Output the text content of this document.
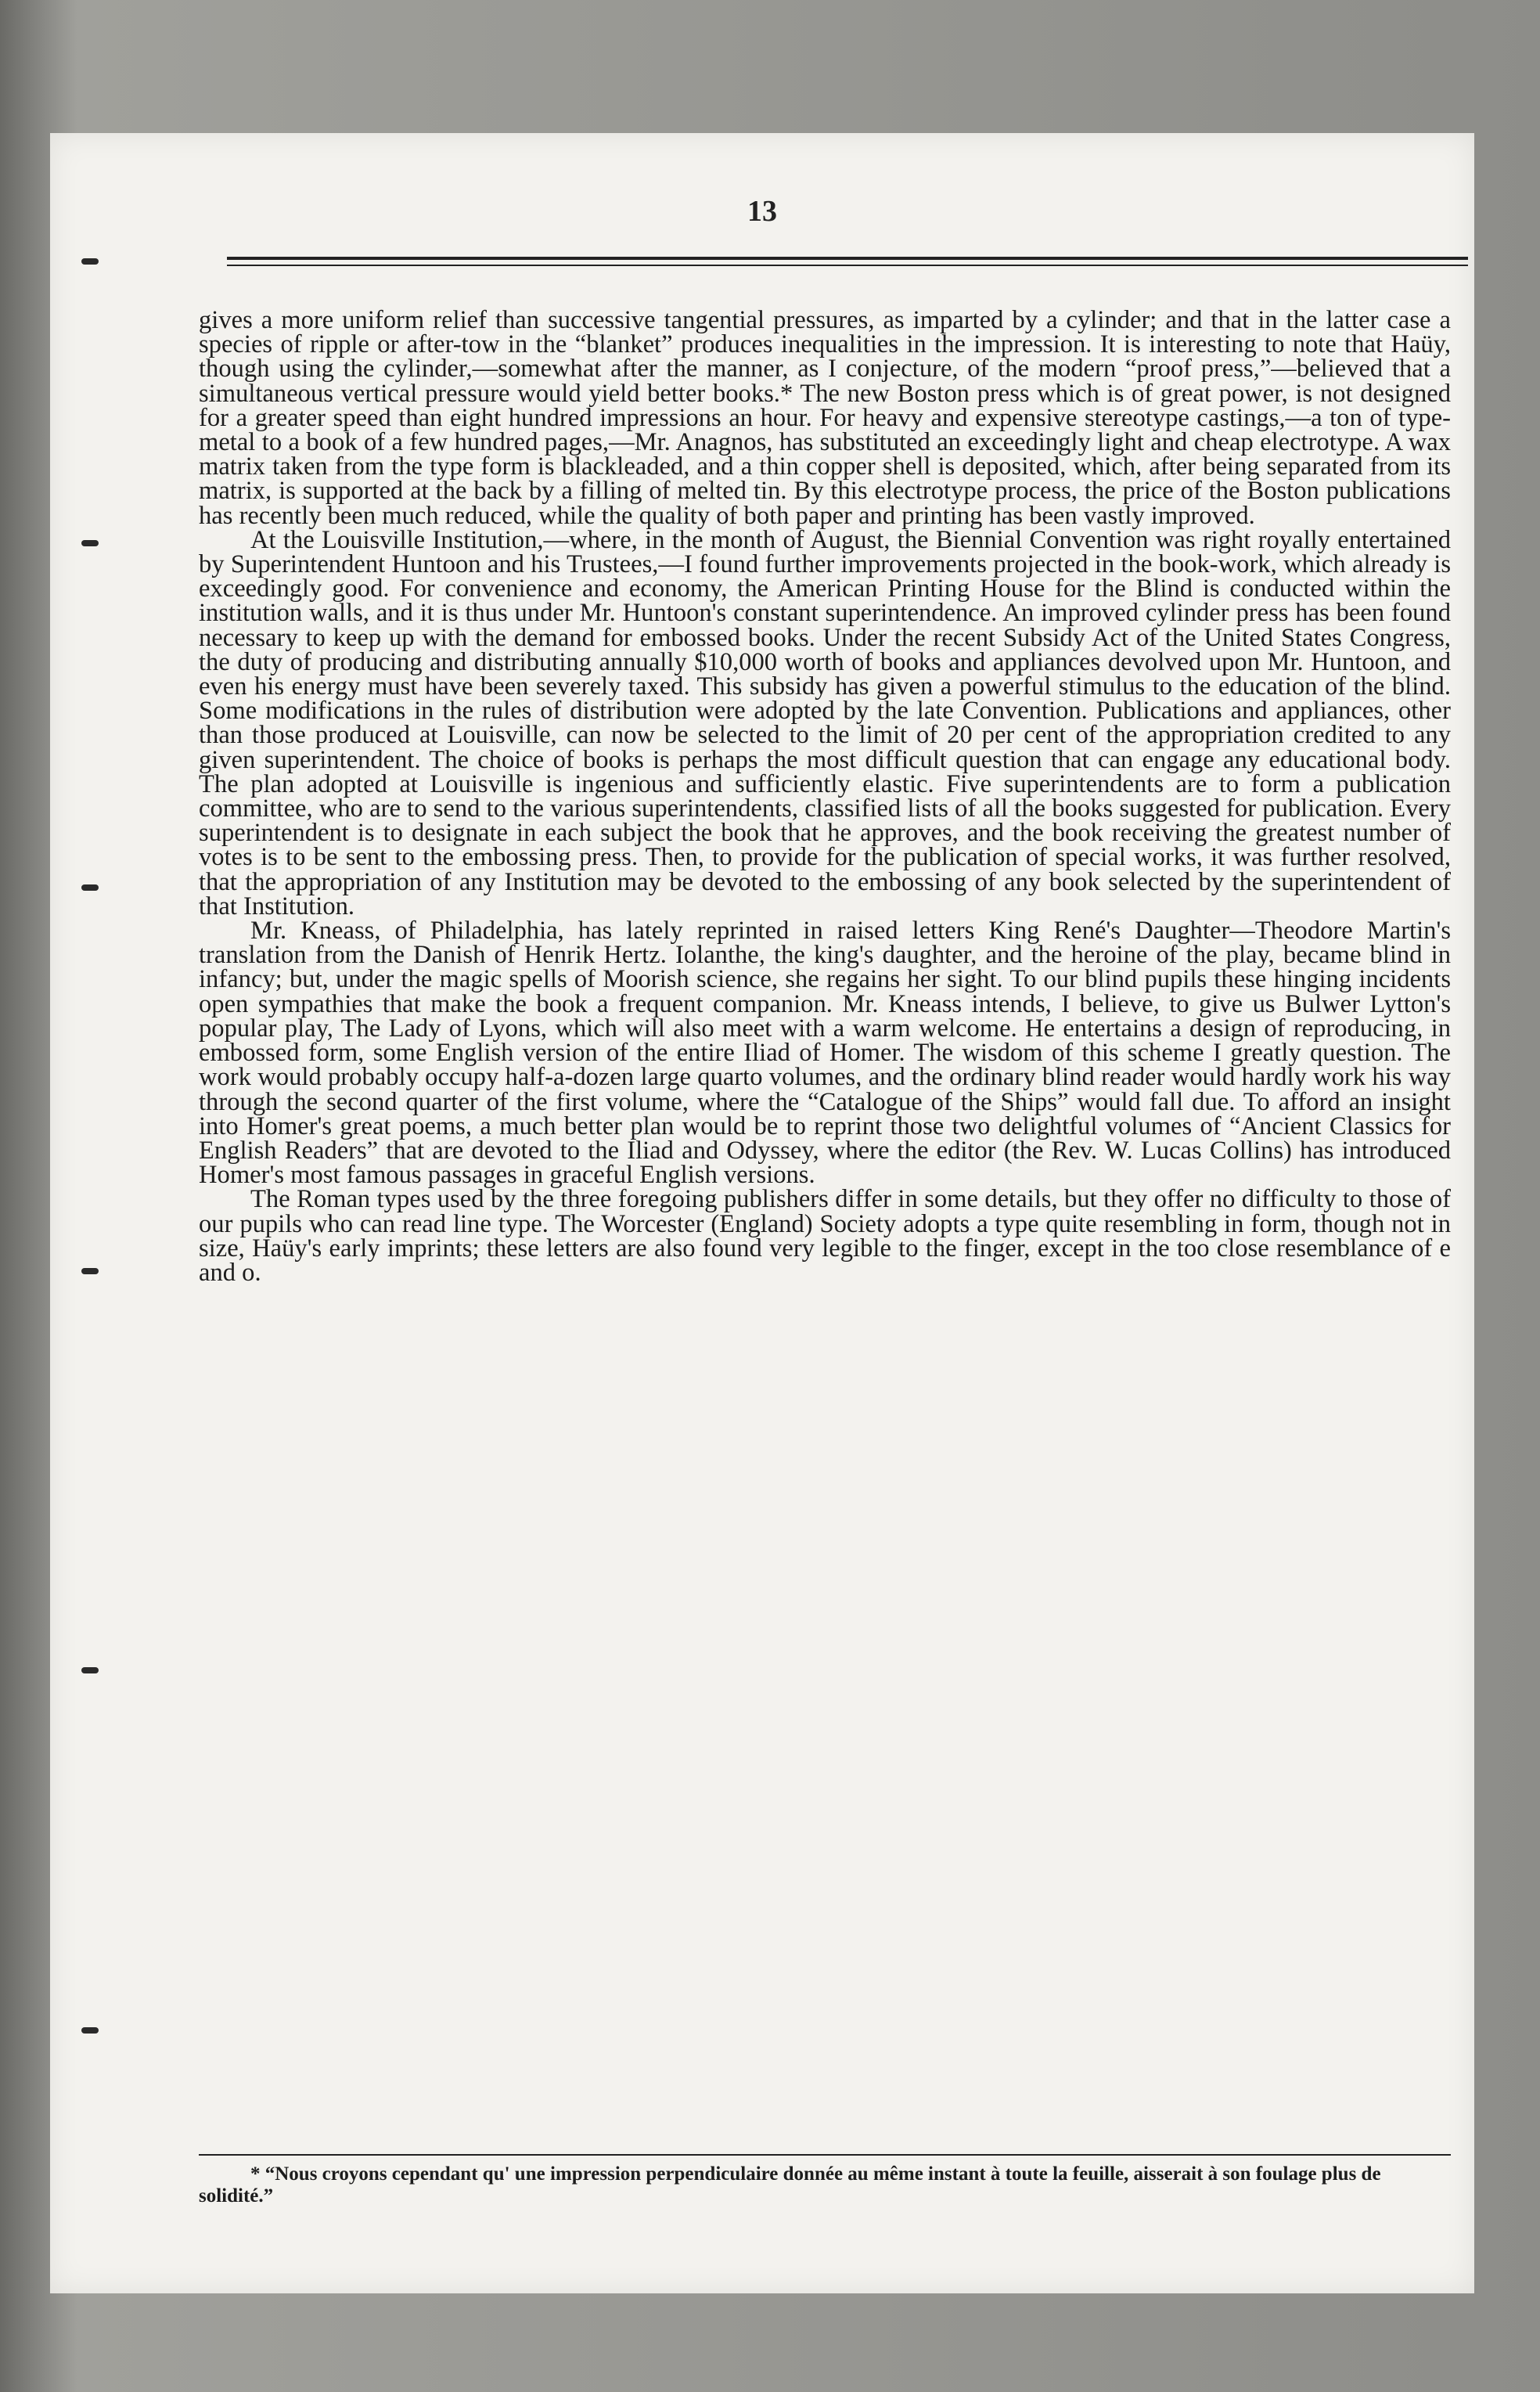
13

gives a more uniform relief than successive tangential pressures, as imparted by a cylinder; and that in the latter case a species of ripple or after-tow in the “blanket” produces inequalities in the impression. It is interesting to note that Haüy, though using the cylinder,—somewhat after the manner, as I conjecture, of the modern “proof press,”—believed that a simultaneous vertical pressure would yield better books.* The new Boston press which is of great power, is not designed for a greater speed than eight hundred impressions an hour. For heavy and expensive stereotype castings,—a ton of type-metal to a book of a few hundred pages,—Mr. Anagnos, has substituted an exceedingly light and cheap electrotype. A wax matrix taken from the type form is blackleaded, and a thin copper shell is deposited, which, after being separated from its matrix, is supported at the back by a filling of melted tin. By this electrotype process, the price of the Boston publications has recently been much reduced, while the quality of both paper and printing has been vastly improved.

At the Louisville Institution,—where, in the month of August, the Biennial Convention was right royally entertained by Superintendent Huntoon and his Trustees,—I found further improvements projected in the book-work, which already is exceedingly good. For convenience and economy, the American Printing House for the Blind is conducted within the institution walls, and it is thus under Mr. Huntoon's constant superintendence. An improved cylinder press has been found necessary to keep up with the demand for embossed books. Under the recent Subsidy Act of the United States Congress, the duty of producing and distributing annually $10,000 worth of books and appliances devolved upon Mr. Huntoon, and even his energy must have been severely taxed. This subsidy has given a powerful stimulus to the education of the blind. Some modifications in the rules of distribution were adopted by the late Convention. Publications and appliances, other than those produced at Louisville, can now be selected to the limit of 20 per cent of the appropriation credited to any given superintendent. The choice of books is perhaps the most difficult question that can engage any educational body. The plan adopted at Louisville is ingenious and sufficiently elastic. Five superintendents are to form a publication committee, who are to send to the various superintendents, classified lists of all the books suggested for publication. Every superintendent is to designate in each subject the book that he approves, and the book receiving the greatest number of votes is to be sent to the embossing press. Then, to provide for the publication of special works, it was further resolved, that the appropriation of any Institution may be devoted to the embossing of any book selected by the superintendent of that Institution.

Mr. Kneass, of Philadelphia, has lately reprinted in raised letters King René's Daughter—Theodore Martin's translation from the Danish of Henrik Hertz. Iolanthe, the king's daughter, and the heroine of the play, became blind in infancy; but, under the magic spells of Moorish science, she regains her sight. To our blind pupils these hinging incidents open sympathies that make the book a frequent companion. Mr. Kneass intends, I believe, to give us Bulwer Lytton's popular play, The Lady of Lyons, which will also meet with a warm welcome. He entertains a design of reproducing, in embossed form, some English version of the entire Iliad of Homer. The wisdom of this scheme I greatly question. The work would probably occupy half-a-dozen large quarto volumes, and the ordinary blind reader would hardly work his way through the second quarter of the first volume, where the “Catalogue of the Ships” would fall due. To afford an insight into Homer's great poems, a much better plan would be to reprint those two delightful volumes of “Ancient Classics for English Readers” that are devoted to the Iliad and Odyssey, where the editor (the Rev. W. Lucas Collins) has introduced Homer's most famous passages in graceful English versions.

The Roman types used by the three foregoing publishers differ in some details, but they offer no difficulty to those of our pupils who can read line type. The Worcester (England) Society adopts a type quite resembling in form, though not in size, Haüy's early imprints; these letters are also found very legible to the finger, except in the too close resemblance of e and o.

* “Nous croyons cependant qu' une impression perpendiculaire donnée au même instant à toute la feuille, aisserait à son foulage plus de solidité.”
